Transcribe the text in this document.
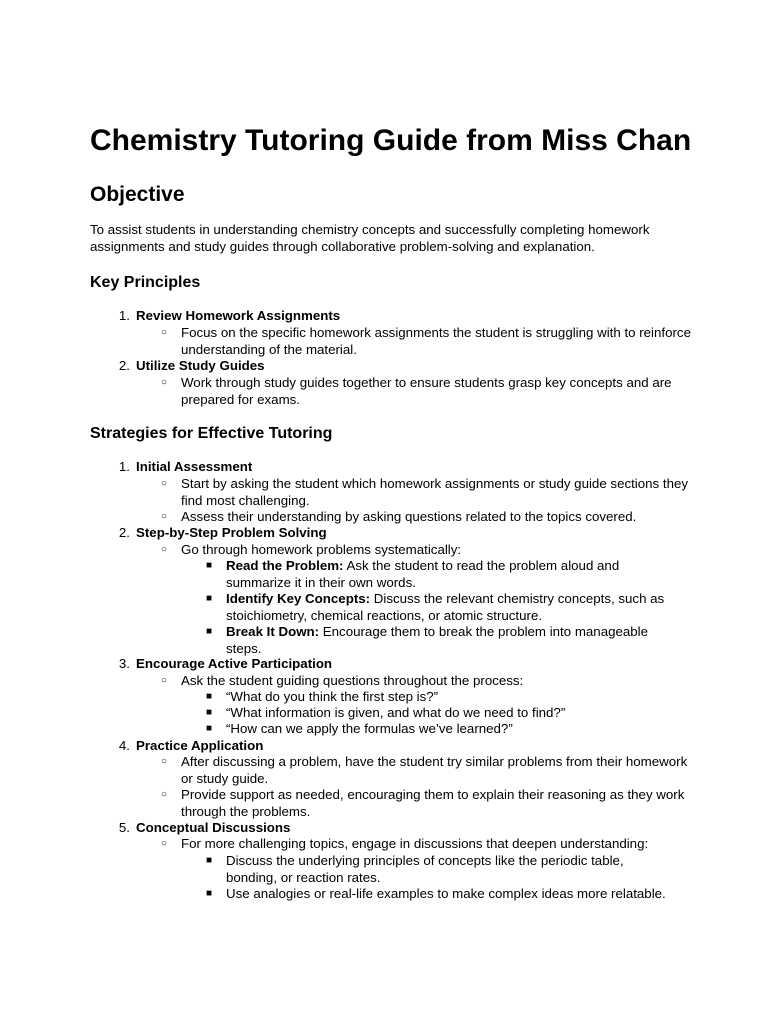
Chemistry Tutoring Guide from Miss Chan
Objective

To assist students in understanding chemistry concepts and successfully completing homework assignments and study guides through collaborative problem-solving and explanation.

Key Principles
1. Review Homework Assignments
○ Focus on the specific homework assignments the student is struggling with to reinforce understanding of the material.
2. Utilize Study Guides
○ Work through study guides together to ensure students grasp key concepts and are prepared for exams.
Strategies for Effective Tutoring
1. Initial Assessment
○ Start by asking the student which homework assignments or study guide sections they find most challenging.
○ Assess their understanding by asking questions related to the topics covered.
2. Step-by-Step Problem Solving
○ Go through homework problems systematically:
■ Read the Problem: Ask the student to read the problem aloud and summarize it in their own words.
■ Identify Key Concepts: Discuss the relevant chemistry concepts, such as stoichiometry, chemical reactions, or atomic structure.
■ Break It Down: Encourage them to break the problem into manageable steps.
3. Encourage Active Participation
○ Ask the student guiding questions throughout the process:
■ “What do you think the first step is?”
■ “What information is given, and what do we need to find?”
■ “How can we apply the formulas we’ve learned?”
4. Practice Application
○ After discussing a problem, have the student try similar problems from their homework or study guide.
○ Provide support as needed, encouraging them to explain their reasoning as they work through the problems.
5. Conceptual Discussions
○ For more challenging topics, engage in discussions that deepen understanding:
■ Discuss the underlying principles of concepts like the periodic table, bonding, or reaction rates.
■ Use analogies or real-life examples to make complex ideas more relatable.
